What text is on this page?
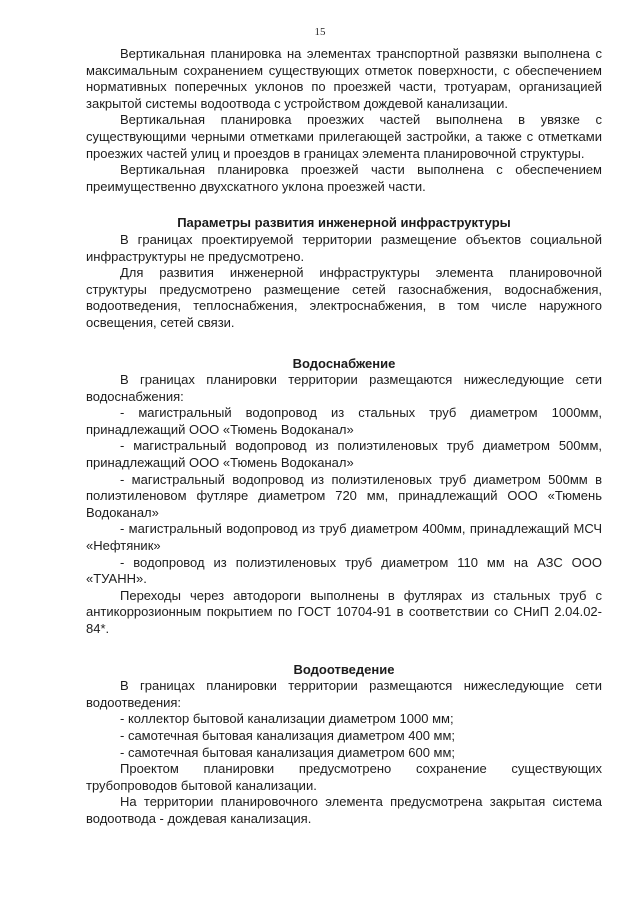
15
Вертикальная планировка на элементах транспортной развязки выполнена с максимальным сохранением существующих отметок поверхности, с обеспечением нормативных поперечных уклонов по проезжей части, тротуарам, организацией закрытой системы водоотвода с устройством дождевой канализации.
Вертикальная планировка проезжих частей выполнена в увязке с существующими черными отметками прилегающей застройки, а также с отметками проезжих частей улиц и проездов в границах элемента планировочной структуры.
Вертикальная планировка проезжей части выполнена с обеспечением преимущественно двухскатного уклона проезжей части.
Параметры развития инженерной инфраструктуры
В границах проектируемой территории размещение объектов социальной инфраструктуры не предусмотрено.
Для развития инженерной инфраструктуры элемента планировочной структуры предусмотрено размещение сетей газоснабжения, водоснабжения, водоотведения, теплоснабжения, электроснабжения, в том числе наружного освещения, сетей связи.
Водоснабжение
В границах планировки территории размещаются нижеследующие сети водоснабжения:
- магистральный водопровод из стальных труб диаметром 1000мм, принадлежащий ООО «Тюмень Водоканал»
- магистральный водопровод из полиэтиленовых труб диаметром 500мм, принадлежащий ООО «Тюмень Водоканал»
- магистральный водопровод из полиэтиленовых труб диаметром 500мм в полиэтиленовом футляре диаметром 720 мм, принадлежащий ООО «Тюмень Водоканал»
- магистральный водопровод из труб диаметром 400мм, принадлежащий МСЧ «Нефтяник»
- водопровод из полиэтиленовых труб диаметром 110 мм на АЗС ООО «ТУАНН».
Переходы через автодороги выполнены в футлярах из стальных труб с антикоррозионным покрытием по ГОСТ 10704-91 в соответствии со СНиП 2.04.02-84*.
Водоотведение
В границах планировки территории размещаются нижеследующие сети водоотведения:
- коллектор бытовой канализации диаметром 1000 мм;
- самотечная бытовая канализация диаметром 400 мм;
- самотечная бытовая канализация диаметром 600 мм;
Проектом планировки предусмотрено сохранение существующих трубопроводов бытовой канализации.
На территории планировочного элемента предусмотрена закрытая система водоотвода - дождевая канализация.
